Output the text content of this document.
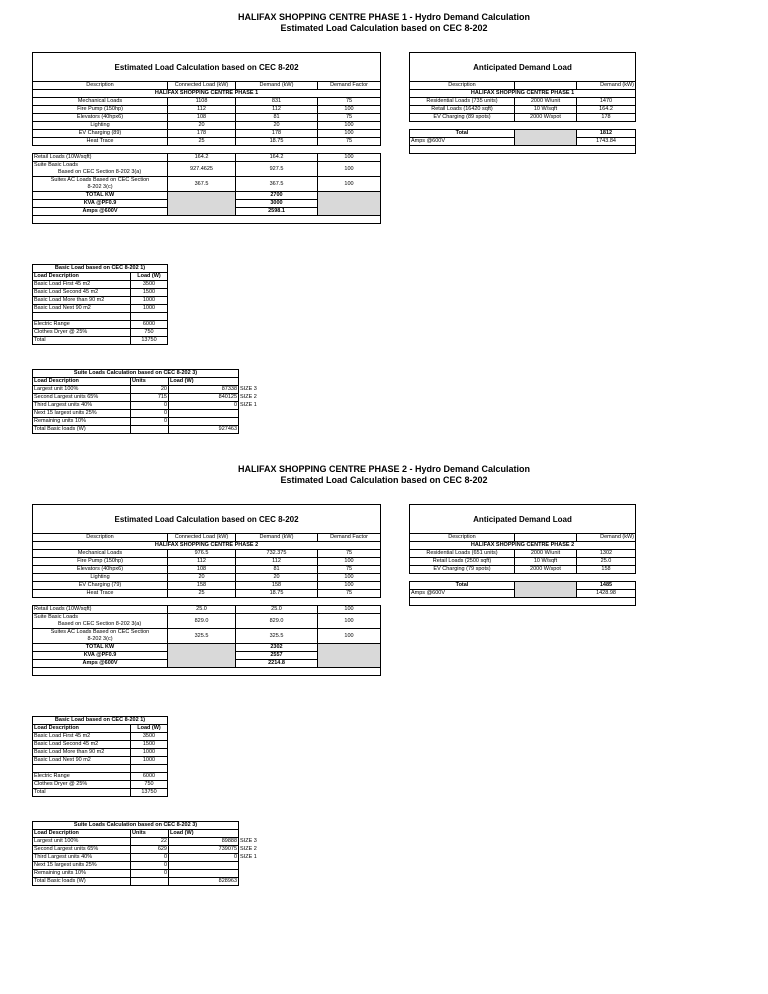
HALIFAX SHOPPING CENTRE PHASE 1 - Hydro Demand Calculation
Estimated Load Calculation based on CEC 8-202
Estimated Load Calculation based on CEC 8-202			
Description	Connected Load (kW)	Demand (kW)	Demand Factor
HALIFAX SHOPPING CENTRE PHASE 1			
Mechanical Loads	1108	831	75
Fire Pump (150hp)	112	112	100
Elevators (40hpx6)	108	81	75
Lighting	20	20	100
EV Charging (89)	178	178	100
Heat Trace	25	18.75	75

Retail Loads (10W/sqft)	164.2	164.2	100

Suite Basic Loads
Based on CEC Section 8-202 3(a)	927.4625	927.5	100

Suites AC Loads Based on CEC Section
8-202 3(c)	367.5	367.5	100
TOTAL KW		2700	
KVA @PF0.9		3000	
Amps @600V		2598.1	

Anticipated Demand Load		
Description		Demand (kW)
HALIFAX SHOPPING CENTRE PHASE 1		
Residential Loads (735 units)	2000 W/unit	1470
Retail Loads (16420 sqft)	10 W/sqft	164.2
EV Charging (89 spots)	2000 W/spot	178

Total		1812
Amps @600V		1743.84

Basic Load based on CEC 8-202 1)	
Load Description	Load (W)
Basic Load First 45 m2	3500
Basic Load Second 45 m2	1500
Basic Load More than 90 m2	1000
Basic Load Next 90 m2	1000

Electric Range	6000
Clothes Dryer @ 25%	750
Total	13750
Suite Loads Calculation based on CEC 8-202 3)			
Load Description	Units	Load (W)	
Largest unit 100%	20	87338	SIZE 3
Second Largest units 65%	715	840125	SIZE 2
Third Largest units 40%	0	0	SIZE 1
Next 15 largest units 25%	0		
Remaining units 10%	0		
Total Basic loads (W)		927463	
HALIFAX SHOPPING CENTRE PHASE 2 - Hydro Demand Calculation
Estimated Load Calculation based on CEC 8-202
Estimated Load Calculation based on CEC 8-202			
Description	Connected Load (kW)	Demand (kW)	Demand Factor
HALIFAX SHOPPING CENTRE PHASE 2			
Mechanical Loads	976.5	732.375	75
Fire Pump (150hp)	112	112	100
Elevators (40hpx6)	108	81	75
Lighting	20	20	100
EV Charging (79)	158	158	100
Heat Trace	25	18.75	75

Retail Loads (10W/sqft)	25.0	25.0	100

Suite Basic Loads
Based on CEC Section 8-202 3(a)	829.0	829.0	100

Suites AC Loads Based on CEC Section
8-202 3(c)	325.5	325.5	100
TOTAL KW		2302	
KVA @PF0.9		2557	
Amps @600V		2214.8	

Anticipated Demand Load		
Description		Demand (kW)
HALIFAX SHOPPING CENTRE PHASE 2		
Residential Loads (651 units)	2000 W/unit	1302
Retail Loads (2500 sqft)	10 W/sqft	25.0
EV Charging (79 spots)	2000 W/spot	158

Total		1485
Amps @600V		1428.98

Basic Load based on CEC 8-202 1)	
Load Description	Load (W)
Basic Load First 45 m2	3500
Basic Load Second 45 m2	1500
Basic Load More than 90 m2	1000
Basic Load Next 90 m2	1000

Electric Range	6000
Clothes Dryer @ 25%	750
Total	13750
Suite Loads Calculation based on CEC 8-202 3)			
Load Description	Units	Load (W)	
Largest unit 100%	22	89888	SIZE 3
Second Largest units 65%	629	739075	SIZE 2
Third Largest units 40%	0	0	SIZE 1
Next 15 largest units 25%	0		
Remaining units 10%	0		
Total Basic loads (W)		828963	
